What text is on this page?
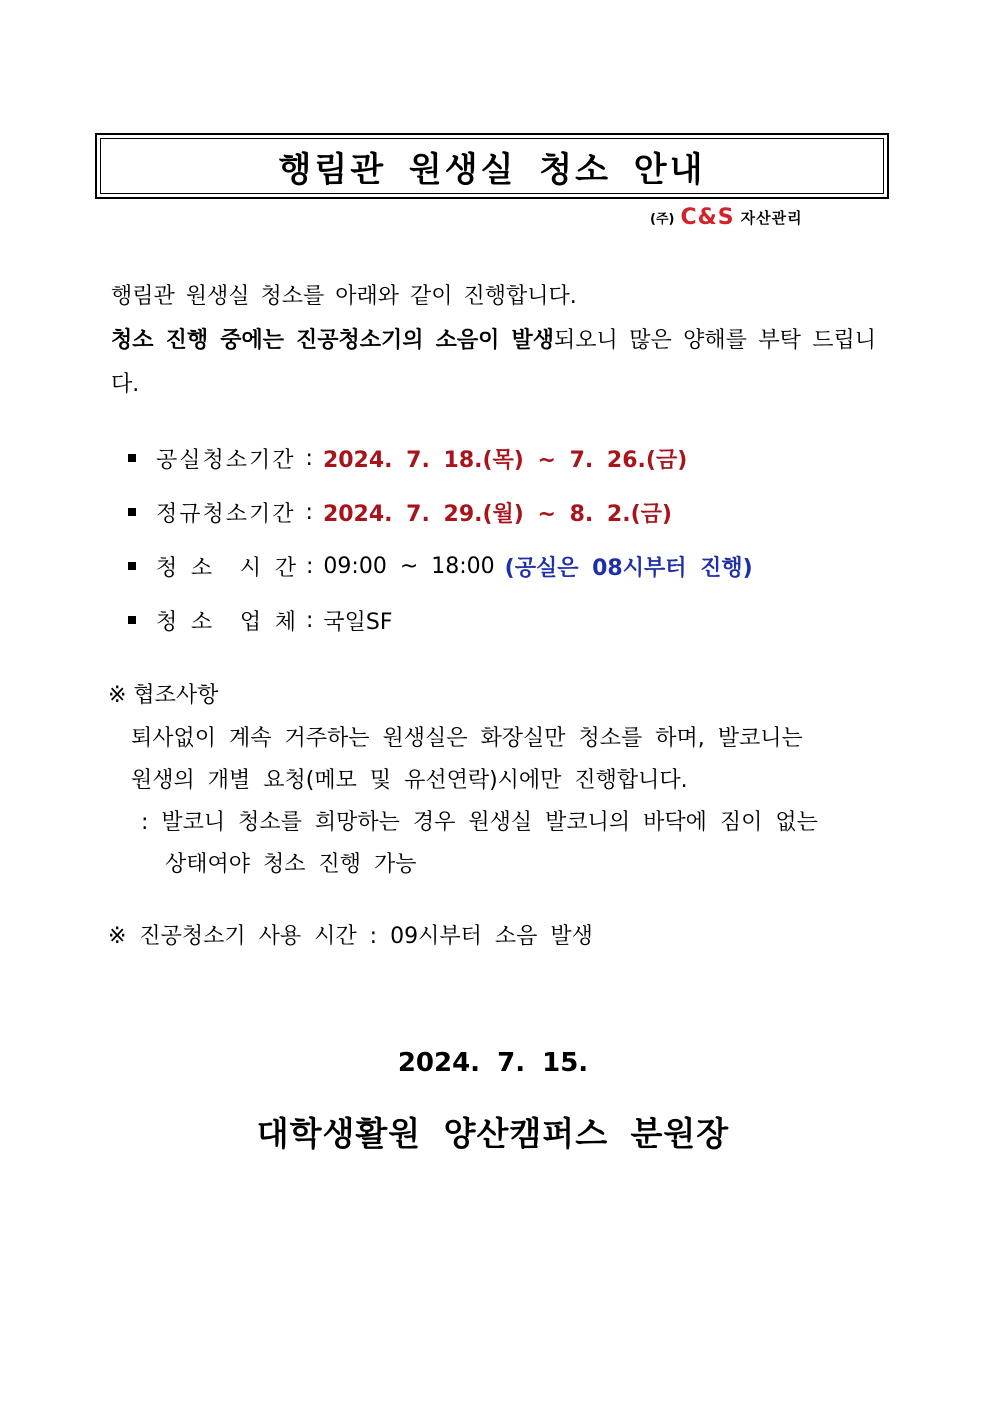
행림관 원생실 청소 안내
(주) C&S 자산관리
행림관 원생실 청소를 아래와 같이 진행합니다.
청소 진행 중에는 진공청소기의 소음이 발생되오니 많은 양해를 부탁 드립니다.
공실청소기간 : 2024. 7. 18.(목) ~ 7. 26.(금)
정규청소기간 : 2024. 7. 29.(월) ~ 8. 2.(금)
청 소 시 간 : 09:00 ~ 18:00 (공실은 08시부터 진행)
청 소 업 체 : 국일SF
※ 협조사항
퇴사없이 계속 거주하는 원생실은 화장실만 청소를 하며, 발코니는
원생의 개별 요청(메모 및 유선연락)시에만 진행합니다.
: 발코니 청소를 희망하는 경우 원생실 발코니의 바닥에 짐이 없는
상태여야 청소 진행 가능
※ 진공청소기 사용 시간 : 09시부터 소음 발생
2024. 7. 15.
대학생활원 양산캠퍼스 분원장
